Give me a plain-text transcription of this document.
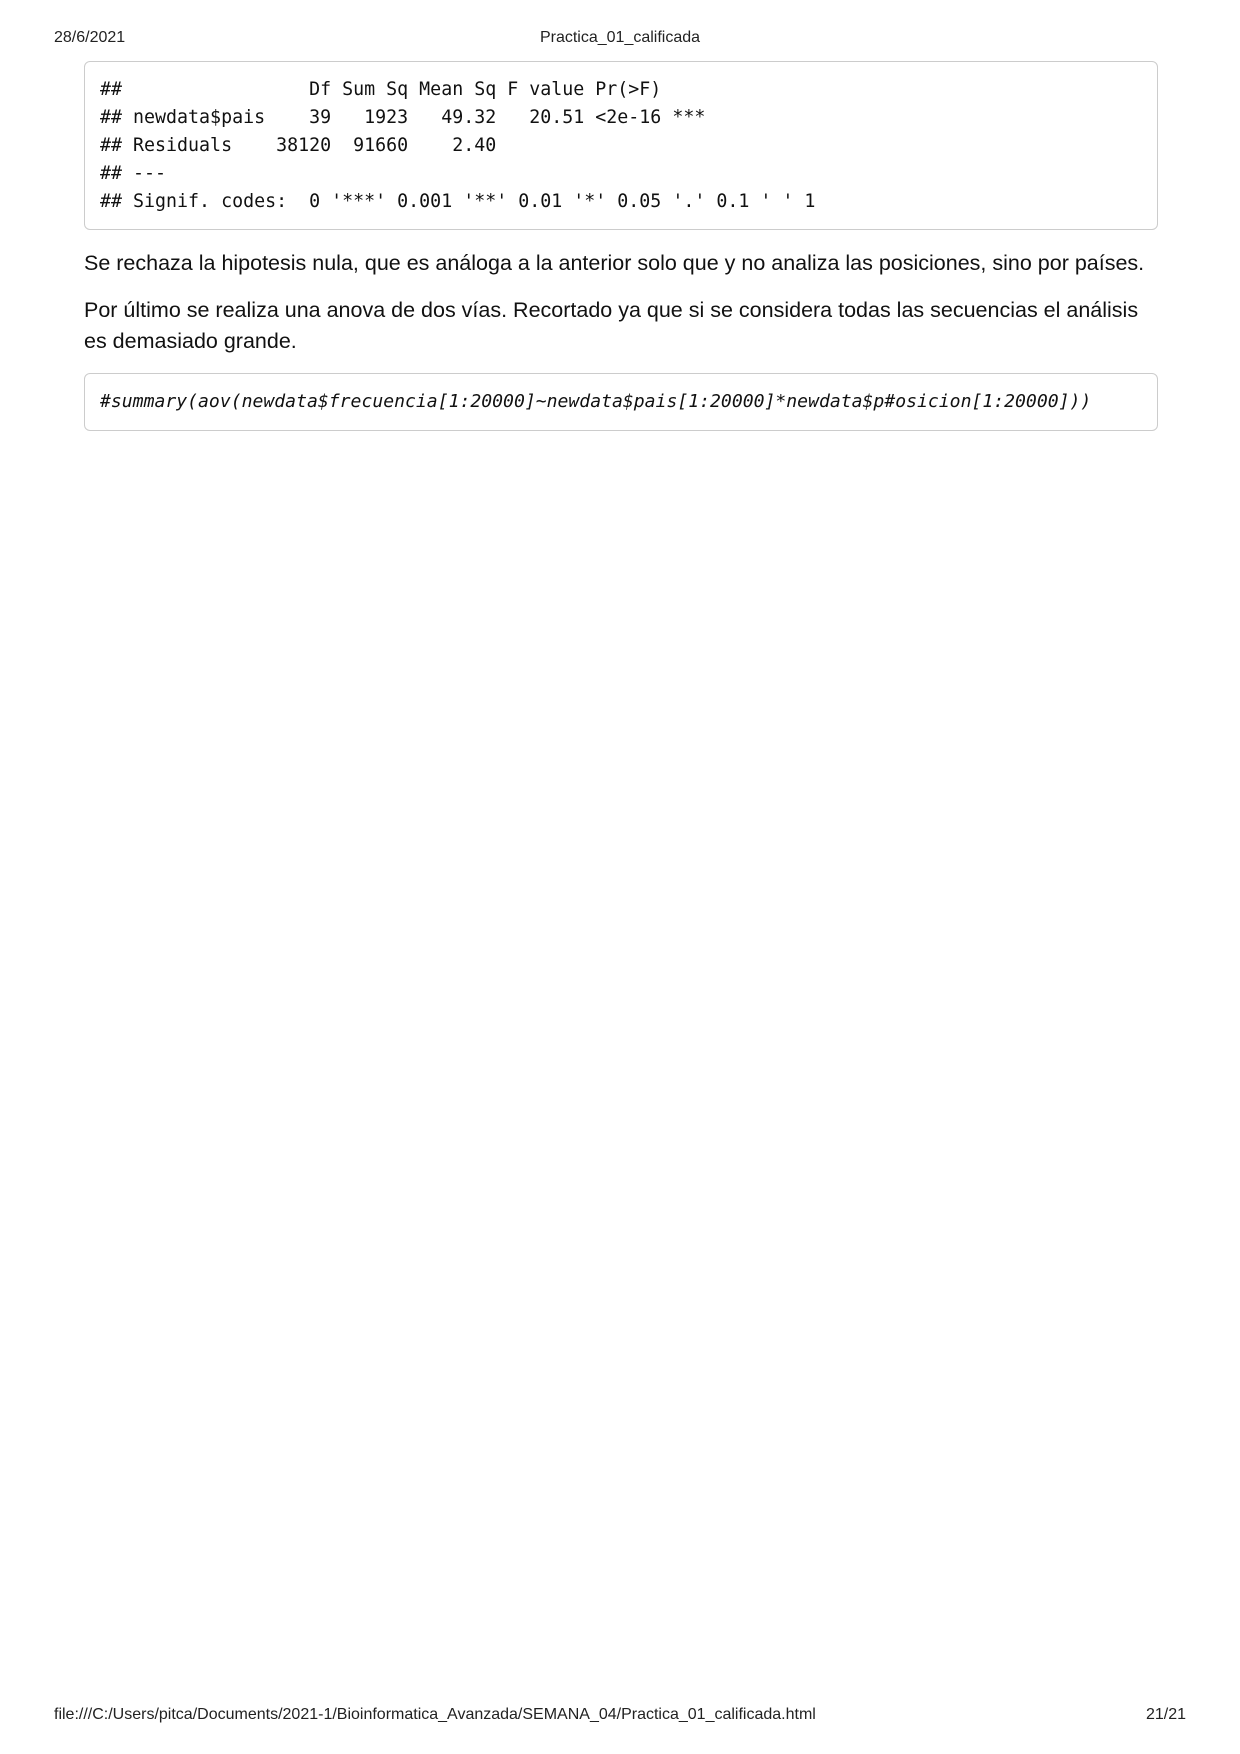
28/6/2021	Practica_01_calificada
##                 Df Sum Sq Mean Sq F value Pr(>F)
## newdata$pais    39   1923   49.32   20.51 <2e-16 ***
## Residuals    38120  91660    2.40
## ---
## Signif. codes:  0 '***' 0.001 '**' 0.01 '*' 0.05 '.' 0.1 ' ' 1

Se rechaza la hipotesis nula, que es análoga a la anterior solo que y no analiza las posiciones, sino por países.

Por último se realiza una anova de dos vías. Recortado ya que si se considera todas las secuencias el análisis es demasiado grande.

#summary(aov(newdata$frecuencia[1:20000]~newdata$pais[1:20000]*newdata$p#osicion[1:20000]))
file:///C:/Users/pitca/Documents/2021-1/Bioinformatica_Avanzada/SEMANA_04/Practica_01_calificada.html	21/21
